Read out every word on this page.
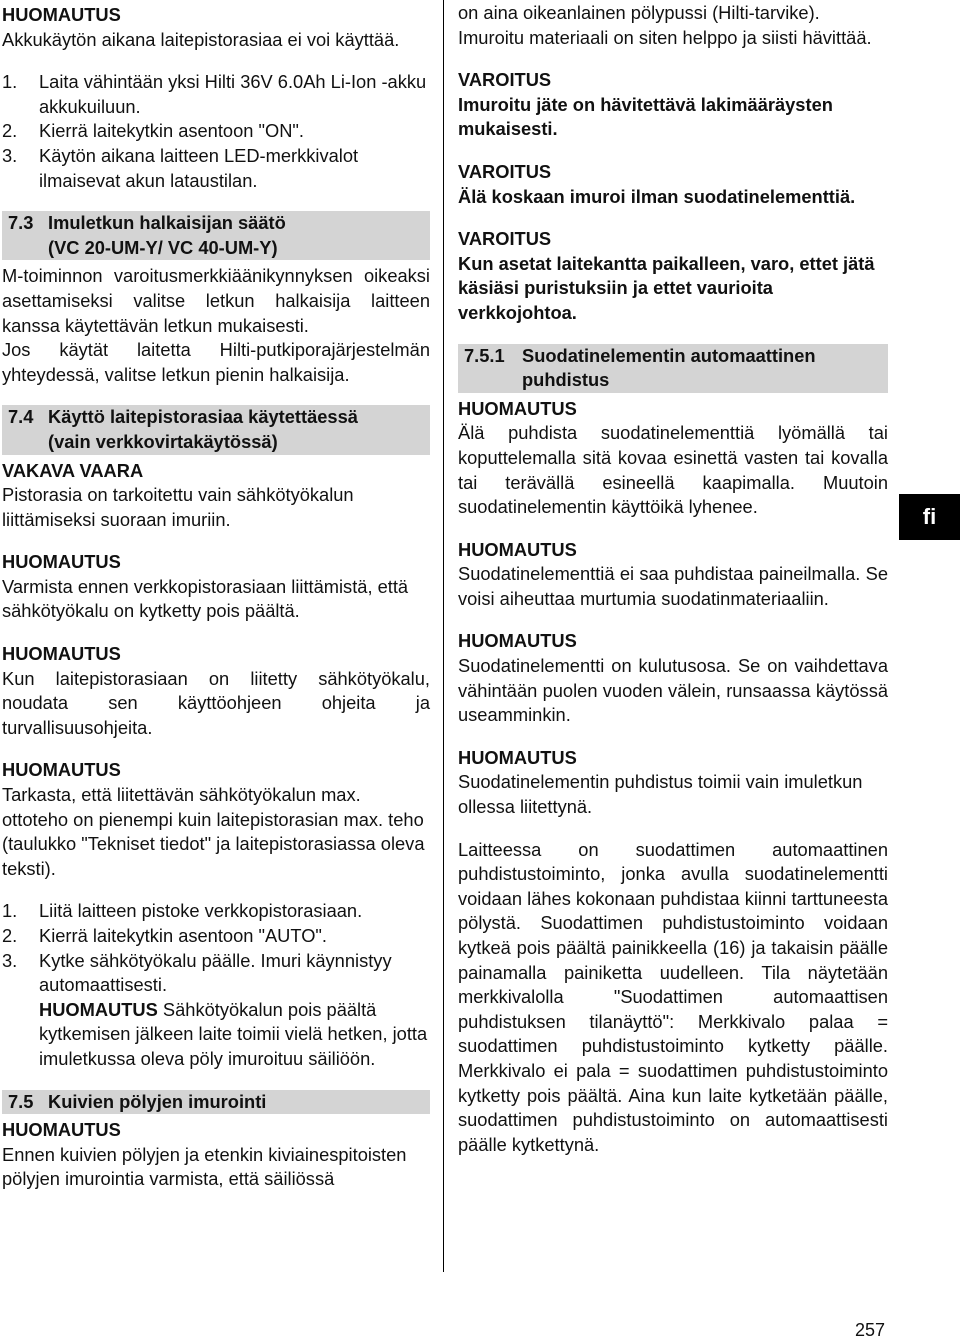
HUOMAUTUS

Akkukäytön aikana laitepistorasiaa ei voi käyttää.

1.	Laita vähintään yksi Hilti 36V 6.0Ah Li-Ion -akku akkukuiluun.
2.	Kierrä laitekytkin asentoon "ON".
3.	Käytön aikana laitteen LED-merkkivalot ilmaisevat akun lataustilan.
7.3 Imuletkun halkaisijan säätö
(VC 20-UM-Y/ VC 40-UM-Y)

M-toiminnon varoitusmerkkiäänikynnyksen oikeaksi asettamiseksi valitse letkun halkaisija laitteen kanssa käytettävän letkun mukaisesti.

Jos käytät laitetta Hilti-putkiporajärjestelmän yhteydessä, valitse letkun pienin halkaisija.

7.4 Käyttö laitepistorasiaa käytettäessä
(vain verkkovirtakäytössä)

VAKAVA VAARA

Pistorasia on tarkoitettu vain sähkötyökalun liittämiseksi suoraan imuriin.

HUOMAUTUS

Varmista ennen verkkopistorasiaan liittämistä, että sähkötyökalu on kytketty pois päältä.

HUOMAUTUS

Kun laitepistorasiaan on liitetty sähkötyökalu, noudata sen käyttöohjeen ohjeita ja turvallisuusohjeita.

HUOMAUTUS

Tarkasta, että liitettävän sähkötyökalun max. ottoteho on pienempi kuin laitepistorasian max. teho (taulukko "Tekniset tiedot" ja laitepistorasiassa oleva teksti).

1.	Liitä laitteen pistoke verkkopistorasiaan.
2.	Kierrä laitekytkin asentoon "AUTO".
3.	Kytke sähkötyökalu päälle. Imuri käynnistyy automaattisesti.
HUOMAUTUS Sähkötyökalun pois päältä kytkemisen jälkeen laite toimii vielä hetken, jotta imuletkussa oleva pöly imuroituu säiliöön.
7.5 Kuivien pölyjen imurointi

HUOMAUTUS

Ennen kuivien pölyjen ja etenkin kiviainespitoisten pölyjen imurointia varmista, että säiliössä

on aina oikeanlainen pölypussi (Hilti-tarvike). Imuroitu materiaali on siten helppo ja siisti hävittää.

VAROITUS

Imuroitu jäte on hävitettävä lakimääräysten mukaisesti.

VAROITUS

Älä koskaan imuroi ilman suodatinelementtiä.

VAROITUS

Kun asetat laitekantta paikalleen, varo, ettet jätä käsiäsi puristuksiin ja ettet vaurioita verkkojohtoa.

7.5.1 Suodatinelementin automaattinen
puhdistus

HUOMAUTUS

Älä puhdista suodatinelementtiä lyömällä tai koputtelemalla sitä kovaa esinettä vasten tai kovalla tai terävällä esineellä kaapimalla. Muutoin suodatinelementin käyttöikä lyhenee.

HUOMAUTUS

Suodatinelementtiä ei saa puhdistaa paineilmalla. Se voisi aiheuttaa murtumia suodatinmateriaaliin.

HUOMAUTUS

Suodatinelementti on kulutusosa. Se on vaihdettava vähintään puolen vuoden välein, runsaassa käytössä useamminkin.

HUOMAUTUS

Suodatinelementin puhdistus toimii vain imuletkun ollessa liitettynä.

Laitteessa on suodattimen automaattinen puhdistustoiminto, jonka avulla suodatinelementti voidaan lähes kokonaan puhdistaa kiinni tarttuneesta pölystä. Suodattimen puhdistustoiminto voidaan kytkeä pois päältä painikkeella (16) ja takaisin päälle painamalla painiketta uudelleen. Tila näytetään merkkivalolla "Suodattimen automaattisen puhdistuksen tilanäyttö": Merkkivalo palaa = suodattimen puhdistustoiminto kytketty päälle. Merkkivalo ei pala = suodattimen puhdistustoiminto kytketty pois päältä. Aina kun laite kytketään päälle, suodattimen puhdistustoiminto on automaattisesti päälle kytkettynä.

fi
257
